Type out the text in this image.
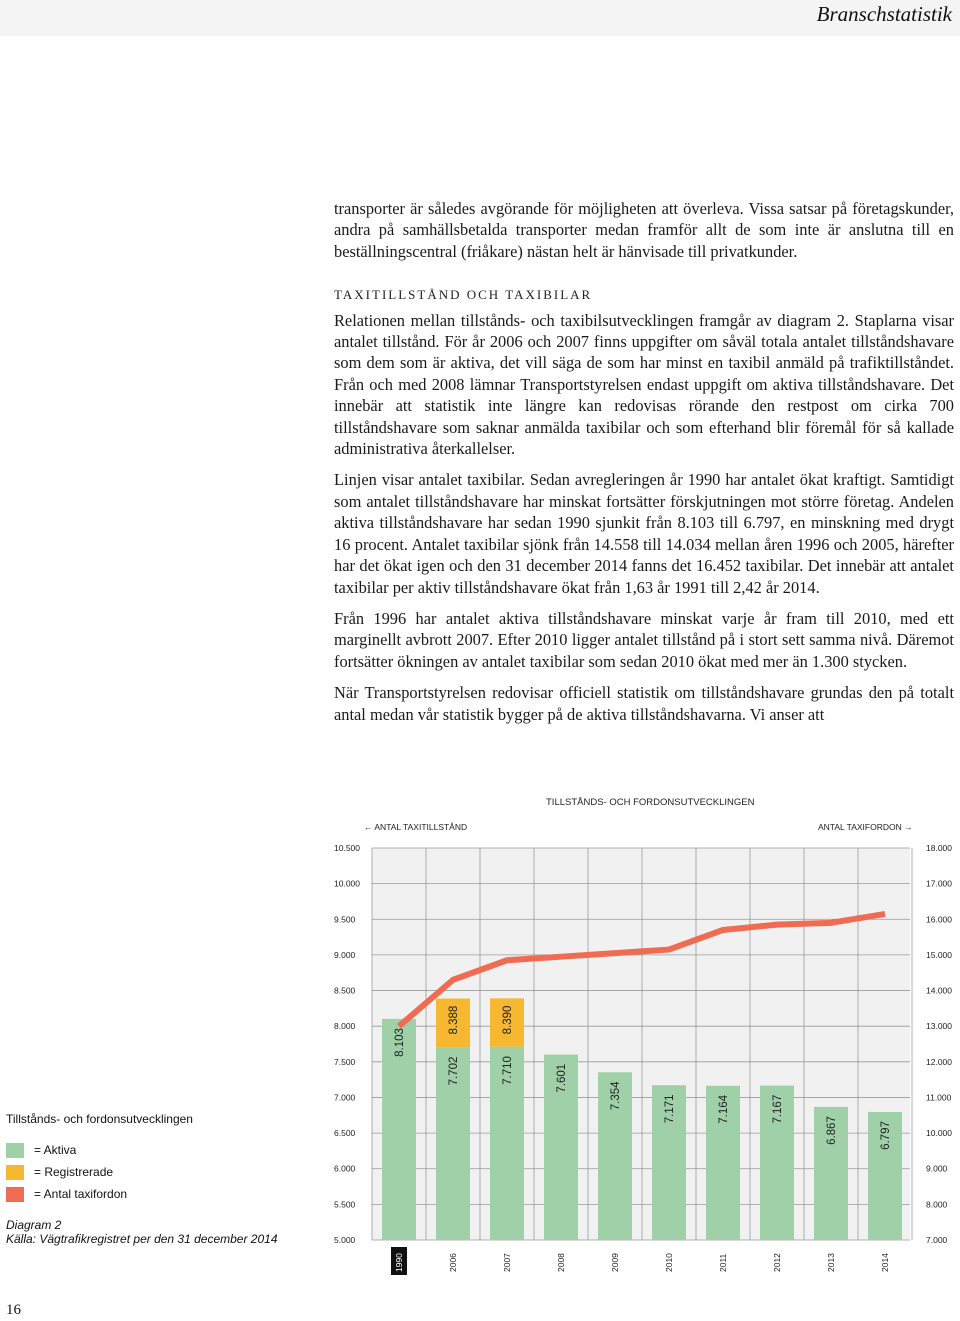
Branschstatistik

transporter är således avgörande för möjligheten att överleva. Vissa satsar på företagskunder, andra på samhällsbetalda transporter medan framför allt de som inte är anslutna till en beställningscentral (friåkare) nästan helt är hänvisade till privatkunder.

TAXITILLSTÅND OCH TAXIBILAR

Relationen mellan tillstånds- och taxibilsutvecklingen framgår av diagram 2. Staplarna visar antalet tillstånd. För år 2006 och 2007 finns uppgifter om såväl totala antalet tillståndshavare som dem som är aktiva, det vill säga de som har minst en taxibil anmäld på trafiktillståndet. Från och med 2008 lämnar Transportstyrelsen endast uppgift om aktiva tillståndshavare. Det innebär att statistik inte längre kan redovisas rörande den restpost om cirka 700 tillståndshavare som saknar anmälda taxibilar och som efterhand blir föremål för så kallade administrativa återkallelser.

Linjen visar antalet taxibilar. Sedan avregleringen år 1990 har antalet ökat kraftigt. Samtidigt som antalet tillståndshavare har minskat fortsätter förskjutningen mot större företag. Andelen aktiva tillståndshavare har sedan 1990 sjunkit från 8.103 till 6.797, en minskning med drygt 16 procent. Antalet taxibilar sjönk från 14.558 till 14.034 mellan åren 1996 och 2005, härefter har det ökat igen och den 31 december 2014 fanns det 16.452 taxibilar. Det innebär att antalet taxibilar per aktiv tillståndshavare ökat från 1,63 år 1991 till 2,42 år 2014.

Från 1996 har antalet aktiva tillståndshavare minskat varje år fram till 2010, med ett marginellt avbrott 2007. Efter 2010 ligger antalet tillstånd på i stort sett samma nivå. Däremot fortsätter ökningen av antalet taxibilar som sedan 2010 ökat med mer än 1.300 stycken.

När Transportstyrelsen redovisar officiell statistik om tillståndshavare grundas den på totalt antal medan vår statistik bygger på de aktiva tillståndshavarna. Vi anser att

TILLSTÅNDS- OCH FORDONSUTVECKLINGEN
5.000
5.500
6.000
6.500
7.000
7.500
8.000
8.500
9.000
9.500
10.000
10.500
7.000
8.000
9.000
10.000
11.000
12.000
13.000
14.000
15.000
16.000
17.000
18.000
← ANTAL TAXITILLSTÅND	ANTAL TAXIFORDON →
8.103
8.388
7.702
8.390
7.710	7.601
7.354	7.171	7.164	7.167
6.867	6.797
1990	2006	2007	2008	2009	2010	2011	2012	2013	2014
Tillstånds- och fordonsutvecklingen
= Aktiva
= Registrerade
= Antal taxifordon
Diagram 2
Källa: Vägtrafikregistret per den 31 december 2014
16
